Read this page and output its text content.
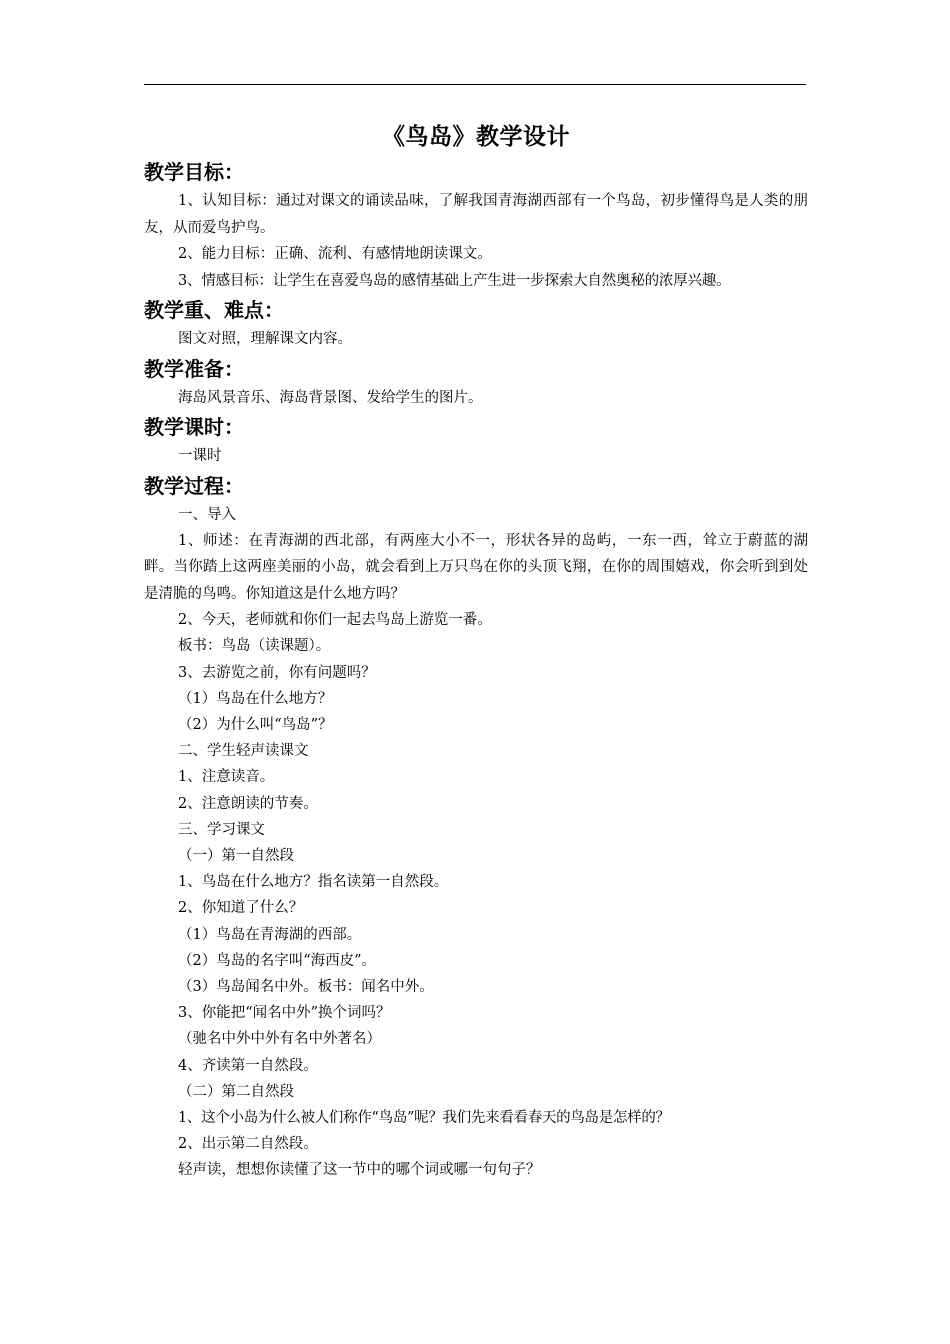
《鸟岛》教学设计
教学目标：

1、认知目标：通过对课文的诵读品味，了解我国青海湖西部有一个鸟岛，初步懂得鸟是人类的朋友，从而爱鸟护鸟。

2、能力目标：正确、流利、有感情地朗读课文。

3、情感目标：让学生在喜爱鸟岛的感情基础上产生进一步探索大自然奥秘的浓厚兴趣。

教学重、难点：

图文对照，理解课文内容。

教学准备：

海岛风景音乐、海岛背景图、发给学生的图片。

教学课时：

一课时

教学过程：

一、导入

1、师述：在青海湖的西北部，有两座大小不一，形状各异的岛屿，一东一西，耸立于蔚蓝的湖畔。当你踏上这两座美丽的小岛，就会看到上万只鸟在你的头顶飞翔，在你的周围嬉戏，你会听到到处是清脆的鸟鸣。你知道这是什么地方吗？

2、今天，老师就和你们一起去鸟岛上游览一番。

板书：鸟岛（读课题）。

3、去游览之前，你有问题吗？

（1）鸟岛在什么地方？

（2）为什么叫“鸟岛”？

二、学生轻声读课文

1、注意读音。

2、注意朗读的节奏。

三、学习课文

（一）第一自然段

1、鸟岛在什么地方？指名读第一自然段。

2、你知道了什么？

（1）鸟岛在青海湖的西部。

（2）鸟岛的名字叫“海西皮”。

（3）鸟岛闻名中外。板书：闻名中外。

3、你能把“闻名中外”换个词吗？

（驰名中外中外有名中外著名）

4、齐读第一自然段。

（二）第二自然段

1、这个小岛为什么被人们称作“鸟岛”呢？我们先来看看春天的鸟岛是怎样的？

2、出示第二自然段。

轻声读，想想你读懂了这一节中的哪个词或哪一句句子？
